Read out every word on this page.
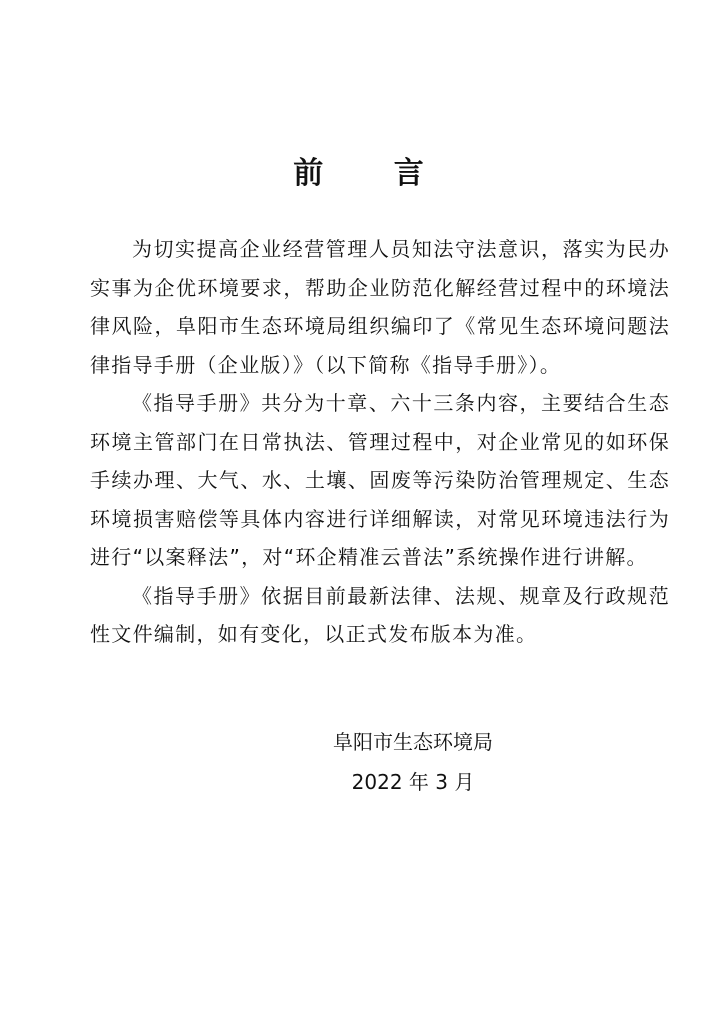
前 言

为切实提高企业经营管理人员知法守法意识，落实为民办实事为企优环境要求，帮助企业防范化解经营过程中的环境法律风险，阜阳市生态环境局组织编印了《常见生态环境问题法律指导手册（企业版）》（以下简称《指导手册》）。

《指导手册》共分为十章、六十三条内容，主要结合生态环境主管部门在日常执法、管理过程中，对企业常见的如环保手续办理、大气、水、土壤、固废等污染防治管理规定、生态环境损害赔偿等具体内容进行详细解读，对常见环境违法行为进行“以案释法”，对“环企精准云普法”系统操作进行讲解。

《指导手册》依据目前最新法律、法规、规章及行政规范性文件编制，如有变化，以正式发布版本为准。

阜阳市生态环境局
2022 年 3 月
